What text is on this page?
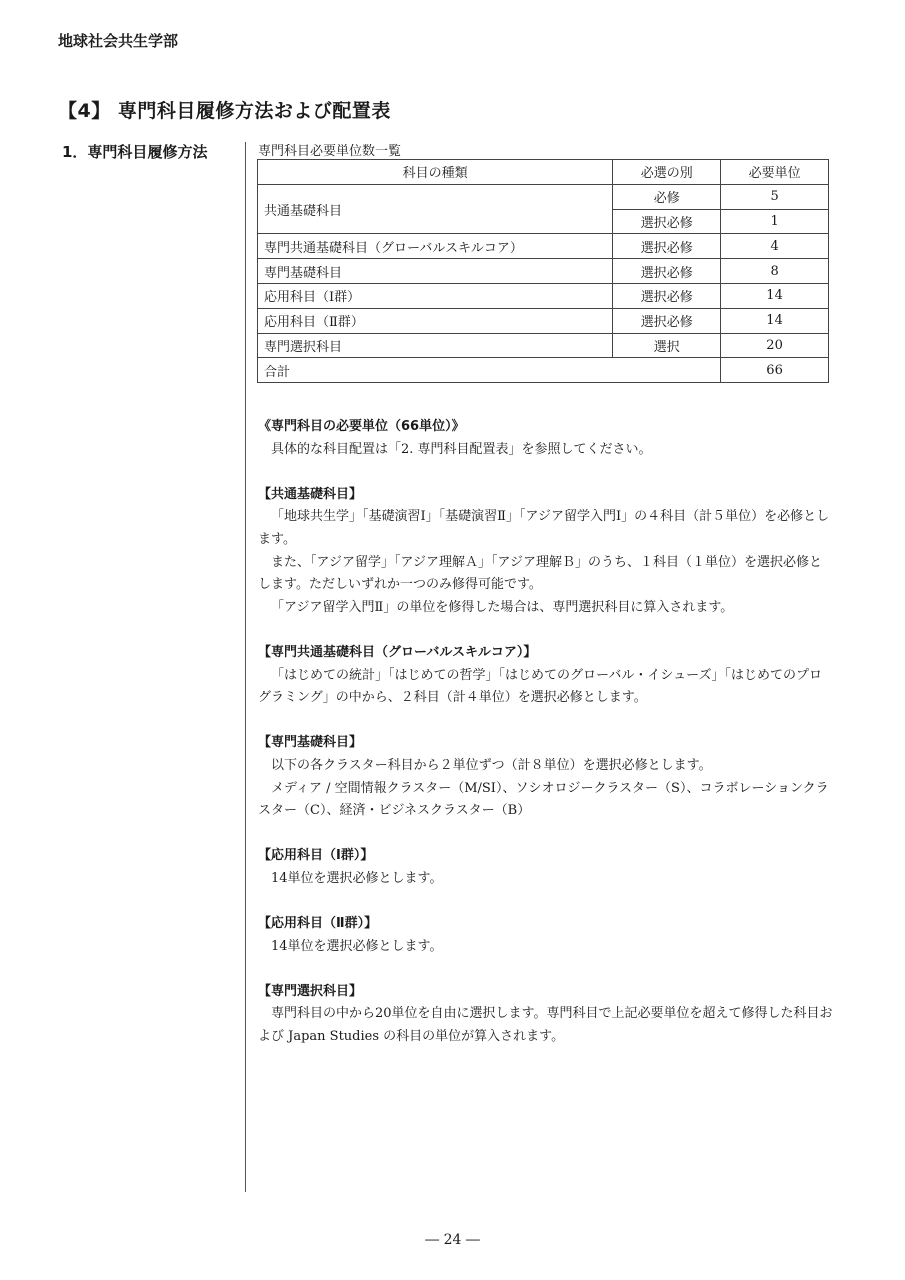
地球社会共生学部
【4】 専門科目履修方法および配置表
1．専門科目履修方法	専門科目必要単位数一覧
科目の種類	必選の別	必要単位
共通基礎科目	必修	5
	選択必修	1
専門共通基礎科目（グローバルスキルコア）	選択必修	4
専門基礎科目	選択必修	8
応用科目（Ⅰ群）	選択必修	14
応用科目（Ⅱ群）	選択必修	14
専門選択科目	選択	20
合計		66

《専門科目の必要単位（66単位）》

具体的な科目配置は「2. 専門科目配置表」を参照してください。

【共通基礎科目】

「地球共生学」「基礎演習Ⅰ」「基礎演習Ⅱ」「アジア留学入門Ⅰ」の４科目（計５単位）を必修とします。

また、「アジア留学」「アジア理解Ａ」「アジア理解Ｂ」のうち、１科目（１単位）を選択必修とします。ただしいずれか一つのみ修得可能です。

「アジア留学入門Ⅱ」の単位を修得した場合は、専門選択科目に算入されます。

【専門共通基礎科目（グローバルスキルコア）】

「はじめての統計」「はじめての哲学」「はじめてのグローバル・イシューズ」「はじめてのプログラミング」の中から、２科目（計４単位）を選択必修とします。

【専門基礎科目】

以下の各クラスター科目から２単位ずつ（計８単位）を選択必修とします。

メディア / 空間情報クラスター（M/SI）、ソシオロジークラスター（S）、コラボレーションクラスター（C）、経済・ビジネスクラスター（B）

【応用科目（Ⅰ群）】

14単位を選択必修とします。

【応用科目（Ⅱ群）】

14単位を選択必修とします。

【専門選択科目】

専門科目の中から20単位を自由に選択します。専門科目で上記必要単位を超えて修得した科目および Japan Studies の科目の単位が算入されます。

― 24 ―
